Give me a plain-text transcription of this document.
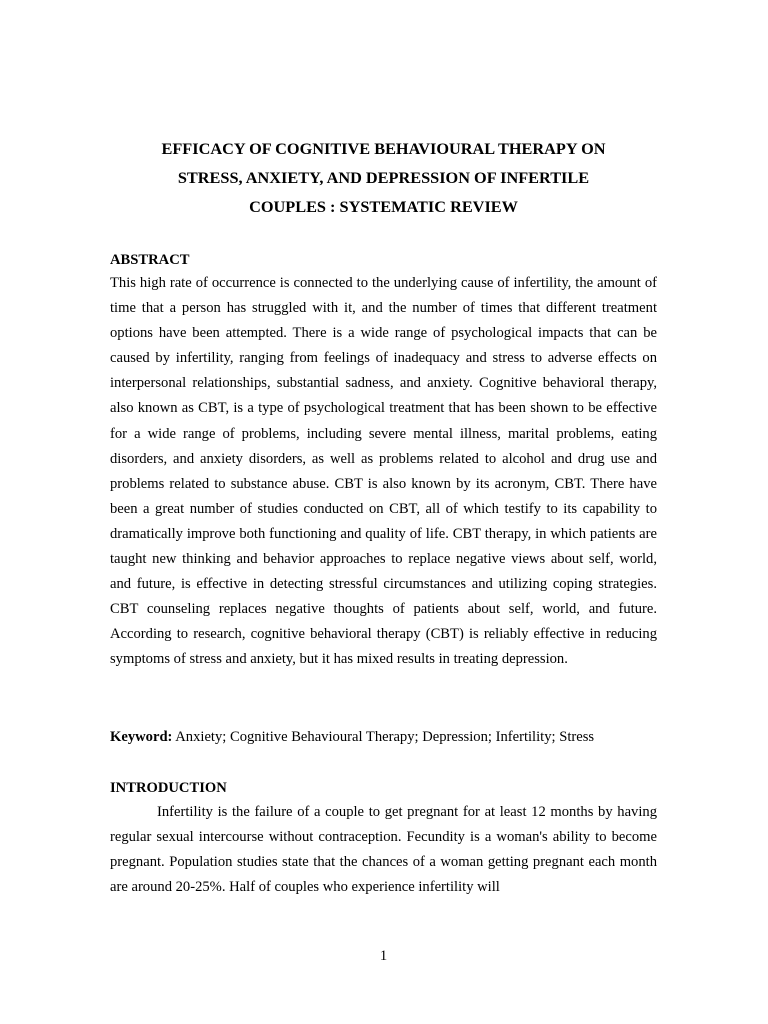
EFFICACY OF COGNITIVE BEHAVIOURAL THERAPY ON
STRESS, ANXIETY, AND DEPRESSION OF INFERTILE
COUPLES : SYSTEMATIC REVIEW
ABSTRACT

This high rate of occurrence is connected to the underlying cause of infertility, the amount of time that a person has struggled with it, and the number of times that different treatment options have been attempted. There is a wide range of psychological impacts that can be caused by infertility, ranging from feelings of inadequacy and stress to adverse effects on interpersonal relationships, substantial sadness, and anxiety. Cognitive behavioral therapy, also known as CBT, is a type of psychological treatment that has been shown to be effective for a wide range of problems, including severe mental illness, marital problems, eating disorders, and anxiety disorders, as well as problems related to alcohol and drug use and problems related to substance abuse. CBT is also known by its acronym, CBT. There have been a great number of studies conducted on CBT, all of which testify to its capability to dramatically improve both functioning and quality of life. CBT therapy, in which patients are taught new thinking and behavior approaches to replace negative views about self, world, and future, is effective in detecting stressful circumstances and utilizing coping strategies. CBT counseling replaces negative thoughts of patients about self, world, and future. According to research, cognitive behavioral therapy (CBT) is reliably effective in reducing symptoms of stress and anxiety, but it has mixed results in treating depression.

Keyword: Anxiety; Cognitive Behavioural Therapy; Depression; Infertility; Stress

INTRODUCTION

Infertility is the failure of a couple to get pregnant for at least 12 months by having regular sexual intercourse without contraception. Fecundity is a woman's ability to become pregnant. Population studies state that the chances of a woman getting pregnant each month are around 20-25%. Half of couples who experience infertility will

1
